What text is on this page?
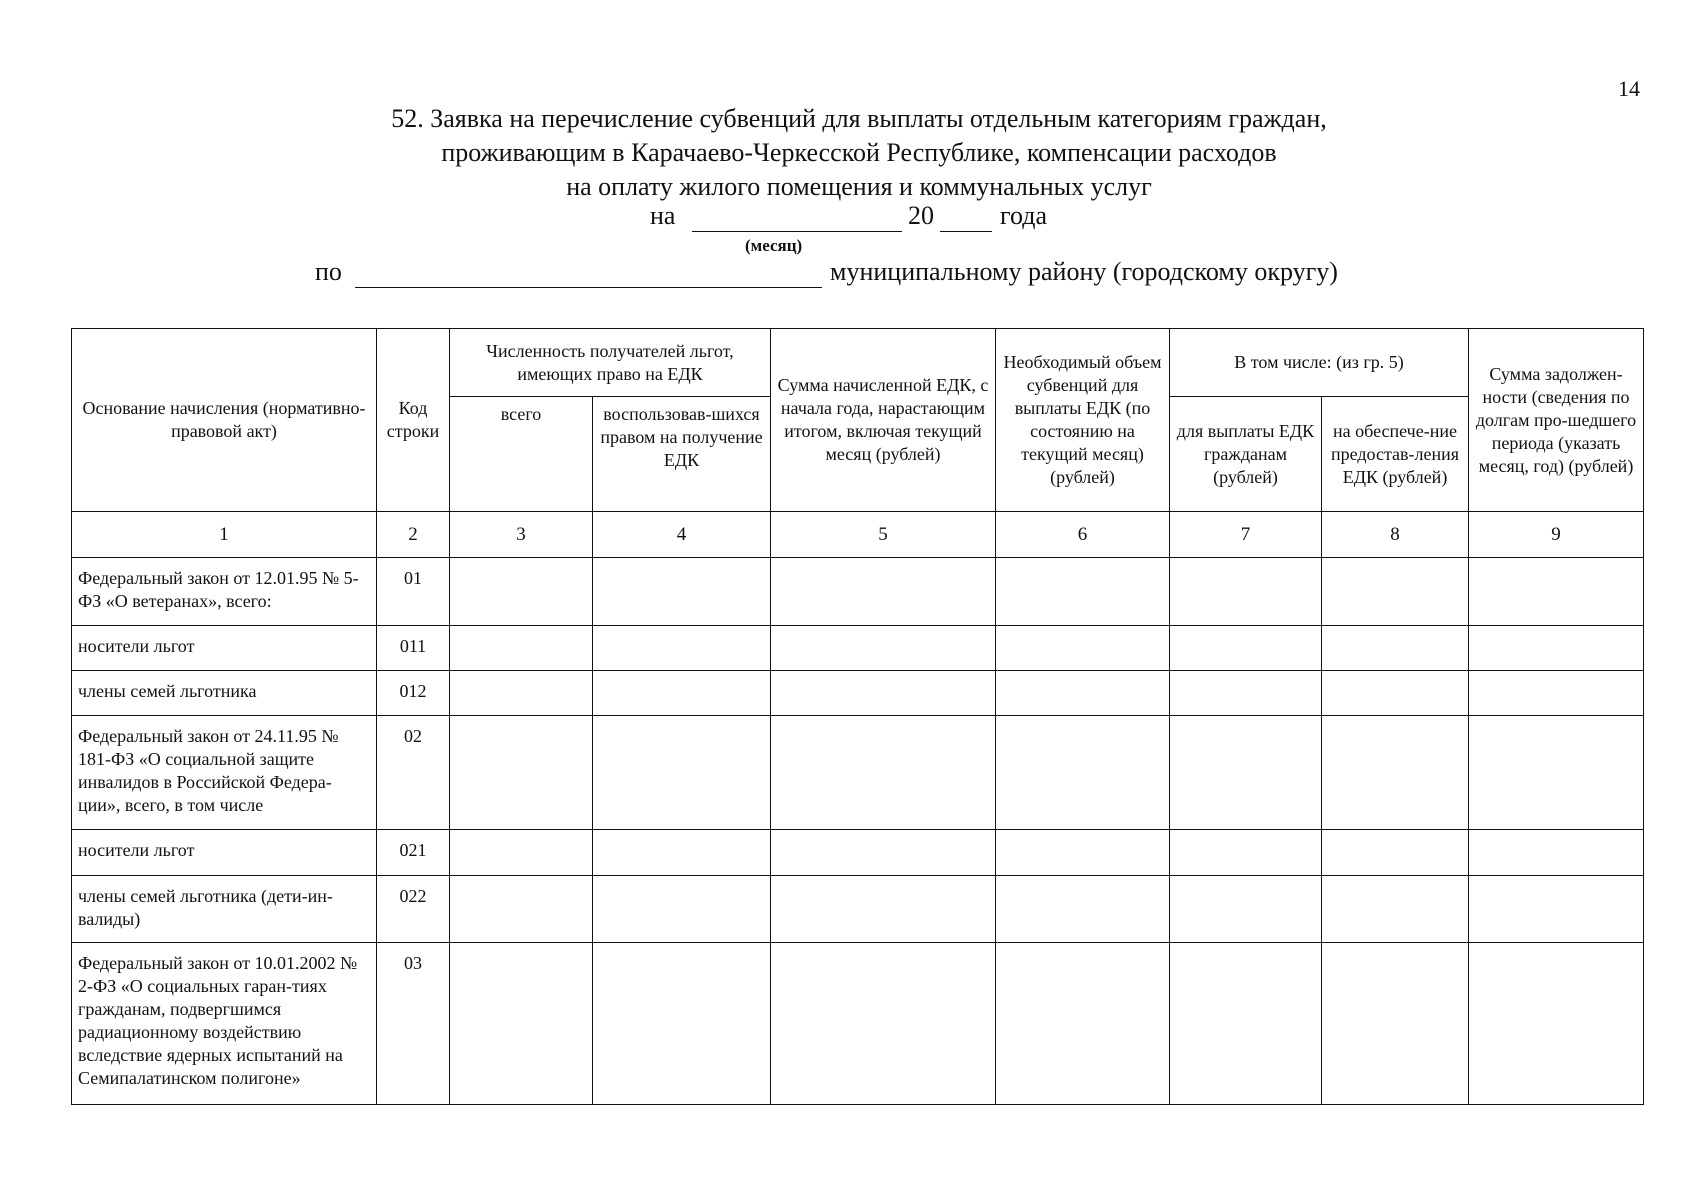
14
52. Заявка на перечисление субвенций для выплаты отдельным категориям граждан,
проживающим в Карачаево-Черкесской Республике, компенсации расходов
на оплату жилого помещения и коммунальных услуг
на	20	года
(месяц)
по	муниципальному району (городскому округу)
Основание начисления (нормативно-правовой акт)	Код строки	Численность получателей льгот, имеющих право на ЕДК		Сумма начисленной ЕДК, с начала года, нарастающим итогом, включая текущий месяц (рублей)	Необходимый объем субвенций для выплаты ЕДК (по состоянию на текущий месяц) (рублей)	В том числе: (из гр. 5)		Сумма задолжен-ности (сведения по долгам про-шедшего периода (указать месяц, год) (рублей)
		всего	воспользовав-шихся правом на получение ЕДК			для выплаты ЕДК гражданам (рублей)	на обеспече-ние предостав-ления ЕДК (рублей)	
1	2	3	4	5	6	7	8	9
Федеральный закон от 12.01.95 № 5-ФЗ «О ветеранах», всего:	01							
носители льгот	011							
члены семей льготника	012							
Федеральный закон от 24.11.95 № 181-ФЗ «О социальной защите инвалидов в Российской Федера-ции», всего, в том числе	02							
носители льгот	021							
члены семей льготника (дети-ин-валиды)	022							
Федеральный закон от 10.01.2002 № 2-ФЗ «О социальных гаран-тиях гражданам, подвергшимся радиационному воздействию вследствие ядерных испытаний на Семипалатинском полигоне»	03							
